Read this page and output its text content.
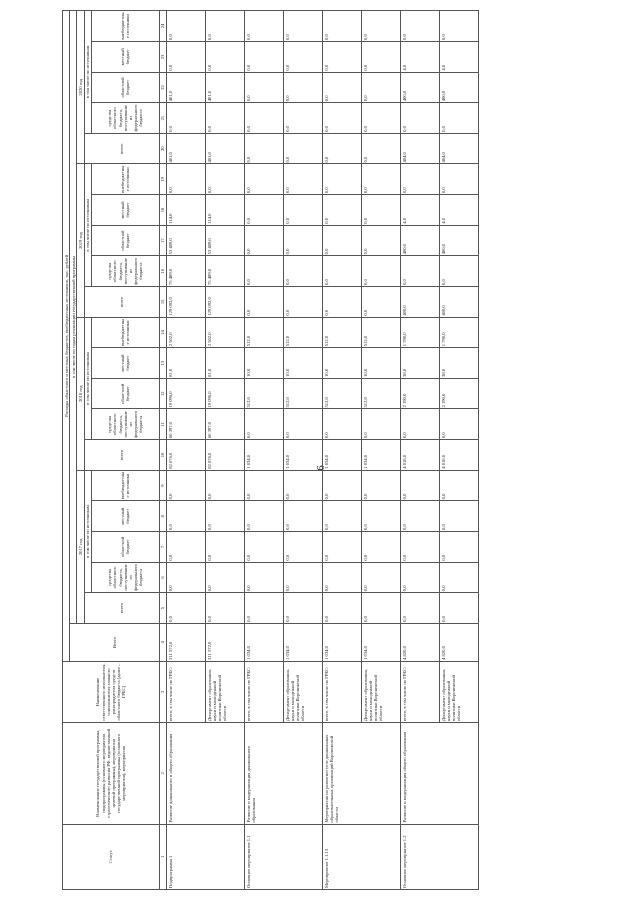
6
Статус	Наименование государственной программы, подпрограммы (основного мероприятия стратегического развития РФ, ведомственной целевой программы), мероприятия государственной программы (основного мероприятия), мероприятия	Наименование ответственного исполнителя, соисполнителя главного распорядителя средств областного бюджета (далее – ГРБС)	Расходы областного и местных бюджетов, внебюджетных источников, тыс. рублей																				
			Всего	в том числе по годам реализации государственной программы																			
				2017 год					2018 год					2019 год					2020 год				
				всего	в том числе по источникам				всего	в том числе по источникам				всего	в том числе по источникам				всего	в том числе по источникам			
					средства областного бюджета, поступившие из федерального бюджета	областной бюджет	местный бюджет	внебюджетные источники		средства областного бюджета, поступившие из федерального бюджета	областной бюджет	местный бюджет	внебюджетные источники		средства областного бюджета, поступившие из федерального бюджета	областной бюджет	местный бюджет	внебюджетные источники		средства областного бюджета, поступившие из федерального бюджета	областной бюджет	местный бюджет	внебюджетные источники
1	2	3	4	5	6	7	8	9	10	11	12	13	14	15	16	17	18	19	20	21	22	23	24
Подпрограмма 1	Развитие дошкольного и общего образования	всего, в том числе по ГРБС:	211 572,0	0,0	0,0	0,0	0,0	0,0	82 076,0	60 397,0	19 096,0	81,0	2 502,0	129 092,0	75 489,0	53 489,0	114,0	0,0	401,0	0,0	401,0	0,0	0,0
		Департамент образования, науки и молодежной политики Воронежской области	211 572,0	0,0	0,0	0,0	0,0	0,0	82 076,0	60 397,0	19 096,0	81,0	2 502,0	129 092,0	75 489,0	53 489,0	114,0	0,0	401,0	0,0	401,0	0,0	0,0
Основное мероприятие 1.1	Развитие и модернизация дошкольного образования	всего, в том числе по ГРБС:	1 034,0	0,0	0,0	0,0	0,0	0,0	1 034,0	0,0	512,0	10,0	512,0	0,0	0,0	0,0	0,0	0,0	0,0	0,0	0,0	0,0	0,0
		Департамент образования, науки и молодежной политики Воронежской области	1 034,0	0,0	0,0	0,0	0,0	0,0	1 034,0	0,0	512,0	10,0	512,0	0,0	0,0	0,0	0,0	0,0	0,0	0,0	0,0	0,0	0,0
Мероприятие 1.1.13	Мероприятия по развитию сети дошкольных образовательных организаций Воронежской области	всего, в том числе по ГРБС:	1 034,0	0,0	0,0	0,0	0,0	0,0	1 034,0	0,0	512,0	10,0	512,0	0,0	0,0	0,0	0,0	0,0	0,0	0,0	0,0	0,0	0,0
		Департамент образования, науки и молодежной политики Воронежской области	1 034,0	0,0	0,0	0,0	0,0	0,0	1 034,0	0,0	512,0	10,0	512,0	0,0	0,0	0,0	0,0	0,0	0,0	0,0	0,0	0,0	0,0
Основное мероприятие 1.2	Развитие и модернизация общего образования	всего, в том числе по ГРБС:	4 820,0	0,0	0,0	0,0	0,0	0,0	4 018,0	0,0	2 190,0	38,0	1 790,0	400,0	0,0	400,0	4,0	0,0	404,0	0,0	400,0	4,0	0,0
		Департамент образования, науки и молодежной политики Воронежской области	4 820,0	0,0	0,0	0,0	0,0	0,0	4 018,0	0,0	2 190,0	38,0	1 790,0	400,0	0,0	400,0	4,0	0,0	404,0	0,0	400,0	4,0	0,0
